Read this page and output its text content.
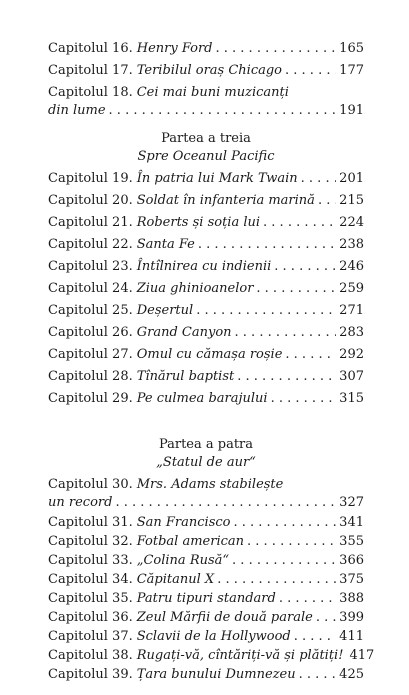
Capitolul 16. Henry Ford . . .	165
Capitolul 17. Teribilul oraș Chicago . . .	177
Capitolul 18. Cei mai buni muzicanți
din lume . . .	191
Partea a treia
Spre Oceanul Pacific
Capitolul 19. În patria lui Mark Twain . . .	201
Capitolul 20. Soldat în infanteria marină . . . 215
Capitolul 21. Roberts și soția lui . . .	224
Capitolul 22. Santa Fe . . .	238
Capitolul 23. Întîlnirea cu indienii . . .	246
Capitolul 24. Ziua ghinioanelor . . .	259
Capitolul 25. Deșertul . . .	271
Capitolul 26. Grand Canyon . . .	283
Capitolul 27. Omul cu cămașa roșie . . .	292
Capitolul 28. Tînărul baptist . . .	307
Capitolul 29. Pe culmea barajului . . .	315
Partea a patra
„Statul de aur“
Capitolul 30. Mrs. Adams stabilește
un record . . .	327
Capitolul 31. San Francisco . . .	341
Capitolul 32. Fotbal american . . .	355
Capitolul 33. „Colina Rusă“ . . .	366
Capitolul 34. Căpitanul X . . .	375
Capitolul 35. Patru tipuri standard . . .	388
Capitolul 36. Zeul Mărfii de două parale . . . 399
Capitolul 37. Sclavii de la Hollywood . . .	411
Capitolul 38. Rugați-vă, cîntăriți-vă și plătiți! 417
Capitolul 39. Țara bunului Dumnezeu . . .	425
